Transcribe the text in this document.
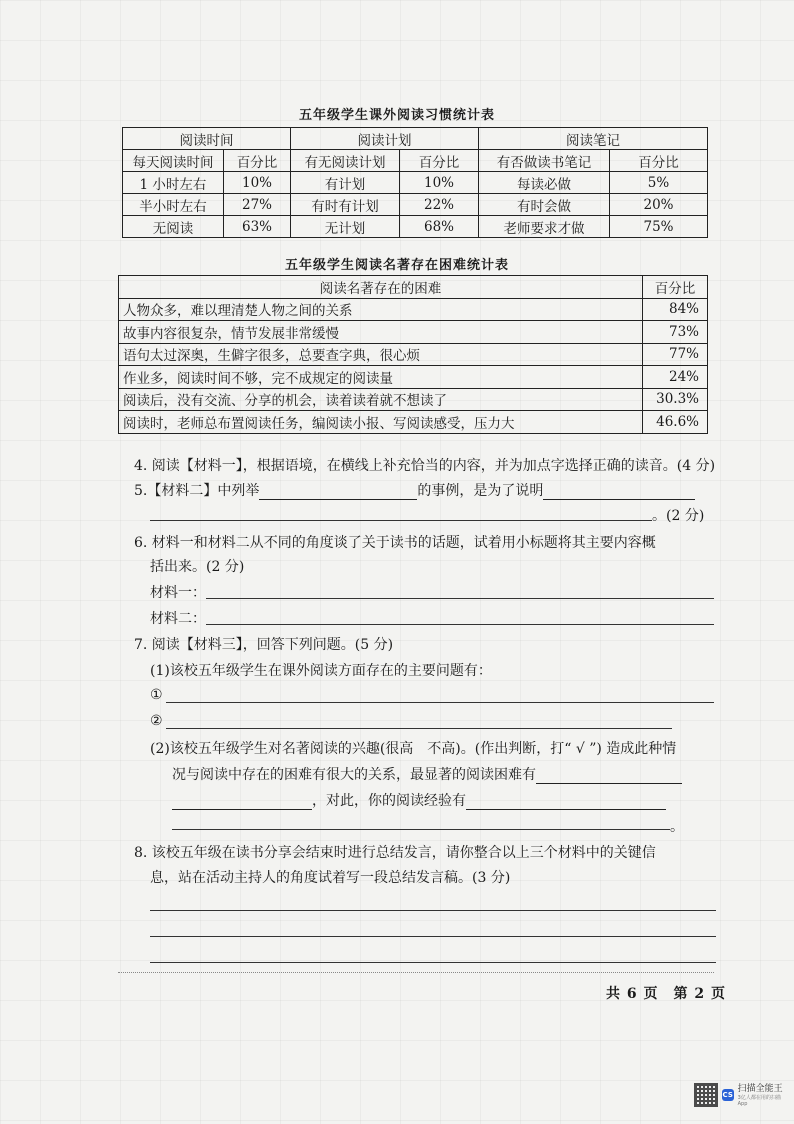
五年级学生课外阅读习惯统计表
阅读时间		阅读计划		阅读笔记	
每天阅读时间	百分比	有无阅读计划	百分比	有否做读书笔记	百分比
1 小时左右	10%	有计划	10%	每读必做	5%
半小时左右	27%	有时有计划	22%	有时会做	20%
无阅读	63%	无计划	68%	老师要求才做	75%
五年级学生阅读名著存在困难统计表
阅读名著存在的困难	百分比
人物众多，难以理清楚人物之间的关系	84%
故事内容很复杂，情节发展非常缓慢	73%
语句太过深奥，生僻字很多，总要查字典，很心烦	77%
作业多，阅读时间不够，完不成规定的阅读量	24%
阅读后，没有交流、分享的机会，读着读着就不想读了	30.3%
阅读时，老师总布置阅读任务，编阅读小报、写阅读感受，压力大	46.6%
4. 阅读【材料一】，根据语境，在横线上补充恰当的内容，并为加点字选择正确的读音。(4 分)
5.【材料二】中列举	的事例，是为了说明
。(2 分)
6. 材料一和材料二从不同的角度谈了关于读书的话题，试着用小标题将其主要内容概
括出来。(2 分)
材料一：
材料二：
7. 阅读【材料三】，回答下列问题。(5 分)
(1)该校五年级学生在课外阅读方面存在的主要问题有：
①
②
(2)该校五年级学生对名著阅读的兴趣(很高　不高)。(作出判断，打“ √ ”) 造成此种情
况与阅读中存在的困难有很大的关系，最显著的阅读困难有
，对此，你的阅读经验有
。
8. 该校五年级在读书分享会结束时进行总结发言，请你整合以上三个材料中的关键信
息，站在活动主持人的角度试着写一段总结发言稿。(3 分)
共 6 页　第 2 页
CS
扫描全能王
3亿人都在用的扫描App
